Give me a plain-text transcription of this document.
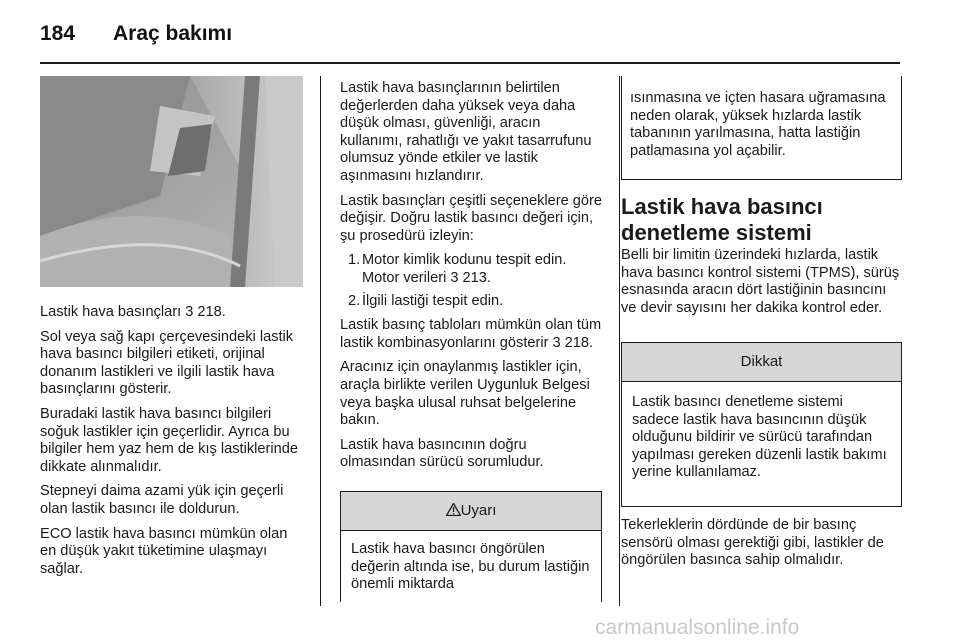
184 Araç bakımı

Lastik hava basınçları 3 218.

Sol veya sağ kapı çerçevesindeki lastik hava basıncı bilgileri etiketi, orijinal donanım lastikleri ve ilgili lastik hava basınçlarını gösterir.

Buradaki lastik hava basıncı bilgileri soğuk lastikler için geçerlidir. Ayrıca bu bilgiler hem yaz hem de kış lastiklerinde dikkate alınmalıdır.

Stepneyi daima azami yük için geçerli olan lastik basıncı ile doldurun.

ECO lastik hava basıncı mümkün olan en düşük yakıt tüketimine ulaşmayı sağlar.

Lastik hava basınçlarının belirtilen değerlerden daha yüksek veya daha düşük olması, güvenliği, aracın kullanımı, rahatlığı ve yakıt tasarrufunu olumsuz yönde etkiler ve lastik aşınmasını hızlandırır.

Lastik basınçları çeşitli seçeneklere göre değişir. Doğru lastik basıncı değeri için, şu prosedürü izleyin:

1. Motor kimlik kodunu tespit edin.
Motor verileri 3 213.
2. İlgili lastiği tespit edin.

Lastik basınç tabloları mümkün olan tüm lastik kombinasyonlarını gösterir 3 218.

Aracınız için onaylanmış lastikler için, araçla birlikte verilen Uygunluk Belgesi veya başka ulusal ruhsat belgelerine bakın.

Lastik hava basıncının doğru olmasından sürücü sorumludur.

Uyarı
Lastik hava basıncı öngörülen değerin altında ise, bu durum lastiğin önemli miktarda
ısınmasına ve içten hasara uğramasına neden olarak, yüksek hızlarda lastik tabanının yarılmasına, hatta lastiğin patlamasına yol açabilir.
Lastik hava basıncı
denetleme sistemi

Belli bir limitin üzerindeki hızlarda, lastik hava basıncı kontrol sistemi (TPMS), sürüş esnasında aracın dört lastiğinin basıncını ve devir sayısını her dakika kontrol eder.

Dikkat
Lastik basıncı denetleme sistemi sadece lastik hava basıncının düşük olduğunu bildirir ve sürücü tarafından yapılması gereken düzenli lastik bakımı yerine kullanılamaz.

Tekerleklerin dördünde de bir basınç sensörü olması gerektiği gibi, lastikler de öngörülen basınca sahip olmalıdır.

carmanualsonline.info
